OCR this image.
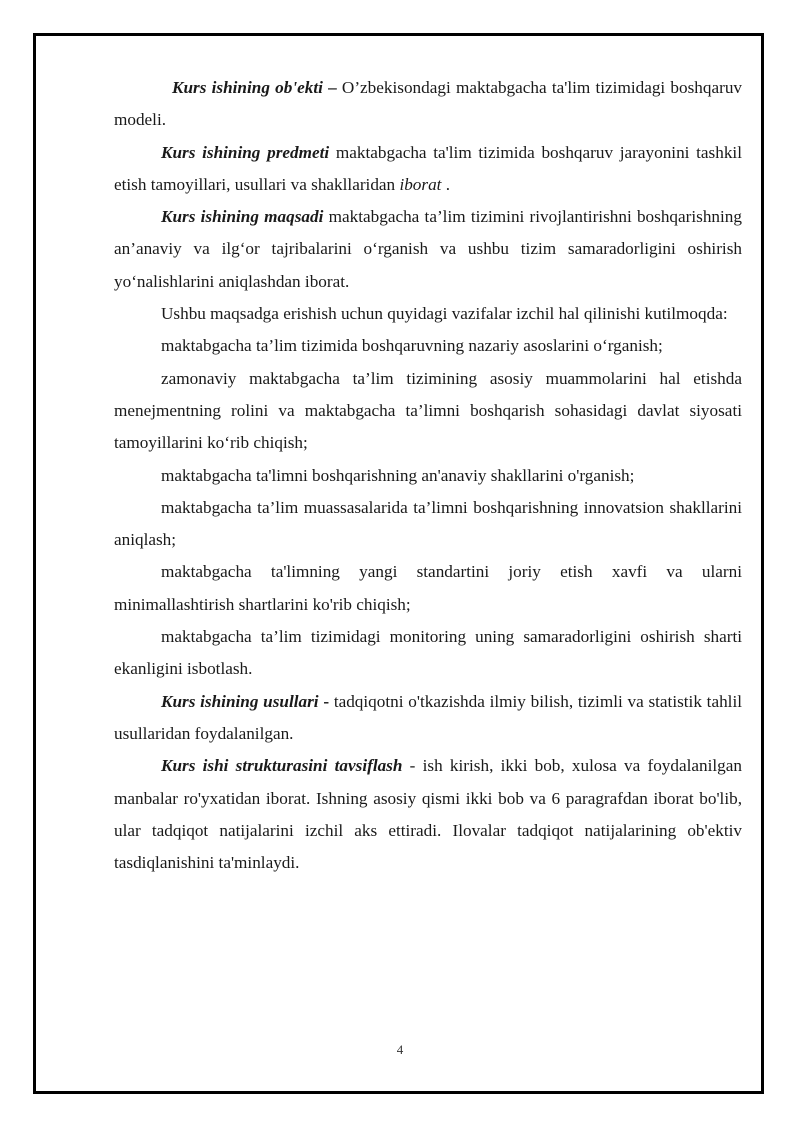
Kurs ishining ob'ekti – O’zbekisondagi maktabgacha ta'lim tizimidagi boshqaruv modeli.

Kurs ishining predmeti maktabgacha ta'lim tizimida boshqaruv jarayonini tashkil etish tamoyillari, usullari va shakllaridan iborat .

Kurs ishining maqsadi maktabgacha ta’lim tizimini rivojlantirishni boshqarishning an’anaviy va ilg‘or tajribalarini o‘rganish va ushbu tizim samaradorligini oshirish yo‘nalishlarini aniqlashdan iborat.

Ushbu maqsadga erishish uchun quyidagi vazifalar izchil hal qilinishi kutilmoqda:

maktabgacha ta’lim tizimida boshqaruvning nazariy asoslarini o‘rganish;

zamonaviy maktabgacha ta’lim tizimining asosiy muammolarini hal etishda menejmentning rolini va maktabgacha ta’limni boshqarish sohasidagi davlat siyosati tamoyillarini ko‘rib chiqish;

maktabgacha ta'limni boshqarishning an'anaviy shakllarini o'rganish;

maktabgacha ta’lim muassasalarida ta’limni boshqarishning innovatsion shakllarini aniqlash;

maktabgacha ta'limning yangi standartini joriy etish xavfi va ularni minimallashtirish shartlarini ko'rib chiqish;

maktabgacha ta’lim tizimidagi monitoring uning samaradorligini oshirish sharti ekanligini isbotlash.

Kurs ishining usullari - tadqiqotni o'tkazishda ilmiy bilish, tizimli va statistik tahlil usullaridan foydalanilgan.

Kurs ishi strukturasini tavsiflash - ish kirish, ikki bob, xulosa va foydalanilgan manbalar ro'yxatidan iborat. Ishning asosiy qismi ikki bob va 6 paragrafdan iborat bo'lib, ular tadqiqot natijalarini izchil aks ettiradi. Ilovalar tadqiqot natijalarining ob'ektiv tasdiqlanishini ta'minlaydi.

4
